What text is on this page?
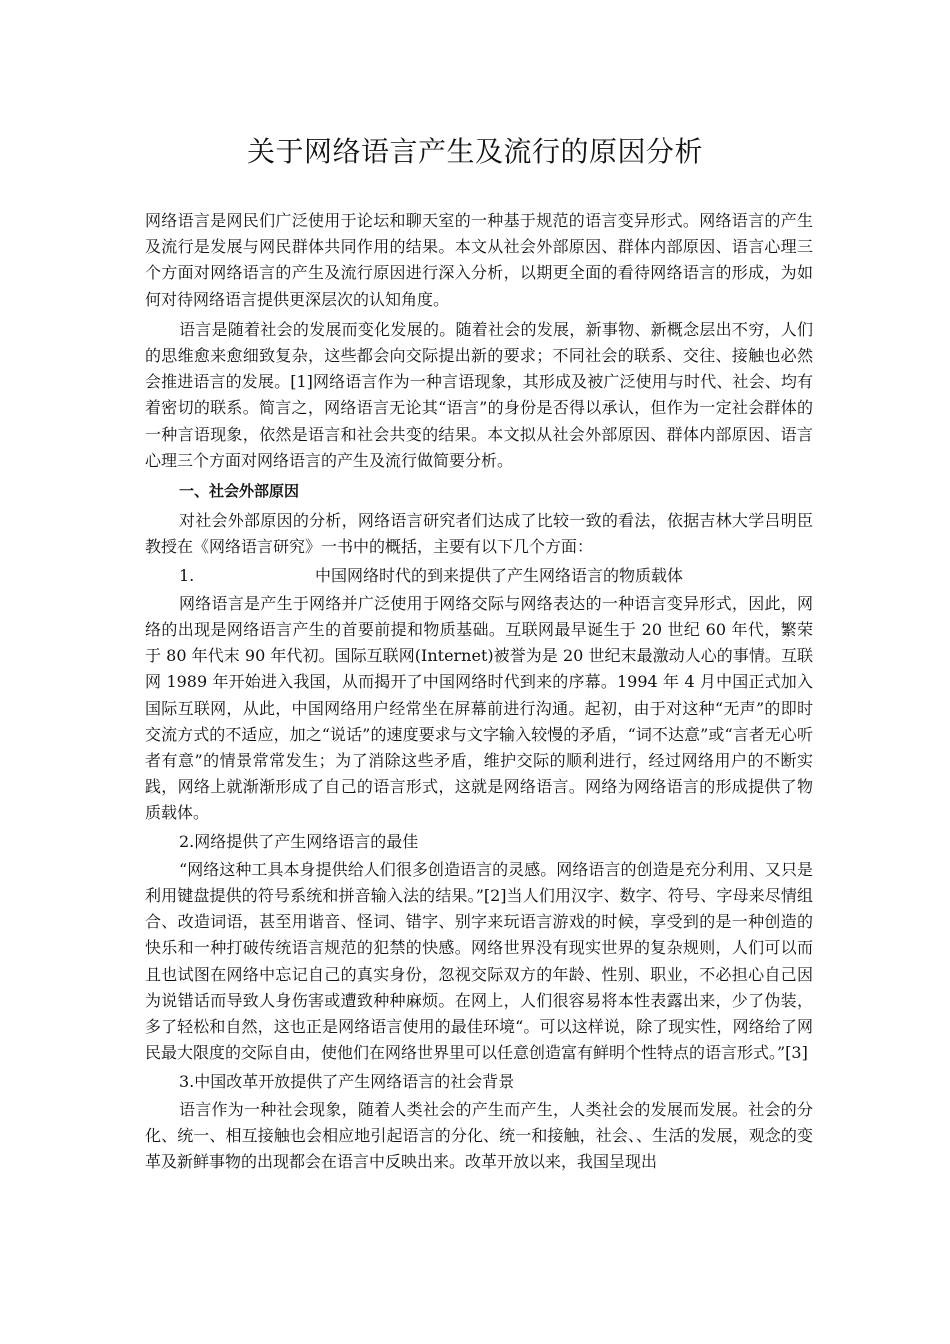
关于网络语言产生及流行的原因分析

网络语言是网民们广泛使用于论坛和聊天室的一种基于规范的语言变异形式。网络语言的产生及流行是发展与网民群体共同作用的结果。本文从社会外部原因、群体内部原因、语言心理三个方面对网络语言的产生及流行原因进行深入分析，以期更全面的看待网络语言的形成，为如何对待网络语言提供更深层次的认知角度。

语言是随着社会的发展而变化发展的。随着社会的发展，新事物、新概念层出不穷，人们的思维愈来愈细致复杂，这些都会向交际提出新的要求；不同社会的联系、交往、接触也必然会推进语言的发展。[1]网络语言作为一种言语现象，其形成及被广泛使用与时代、社会、均有着密切的联系。简言之，网络语言无论其“语言”的身份是否得以承认，但作为一定社会群体的一种言语现象，依然是语言和社会共变的结果。本文拟从社会外部原因、群体内部原因、语言心理三个方面对网络语言的产生及流行做简要分析。

一、社会外部原因

对社会外部原因的分析，网络语言研究者们达成了比较一致的看法，依据吉林大学吕明臣教授在《网络语言研究》一书中的概括，主要有以下几个方面：

1.	中国网络时代的到来提供了产生网络语言的物质载体

网络语言是产生于网络并广泛使用于网络交际与网络表达的一种语言变异形式，因此，网络的出现是网络语言产生的首要前提和物质基础。互联网最早诞生于 20 世纪 60 年代，繁荣于 80 年代末 90 年代初。国际互联网(Internet)被誉为是 20 世纪末最激动人心的事情。互联网 1989 年开始进入我国，从而揭开了中国网络时代到来的序幕。1994 年 4 月中国正式加入国际互联网，从此，中国网络用户经常坐在屏幕前进行沟通。起初，由于对这种“无声”的即时交流方式的不适应，加之“说话”的速度要求与文字输入较慢的矛盾，“词不达意”或“言者无心听者有意”的情景常常发生；为了消除这些矛盾，维护交际的顺利进行，经过网络用户的不断实践，网络上就渐渐形成了自己的语言形式，这就是网络语言。网络为网络语言的形成提供了物质载体。

2.网络提供了产生网络语言的最佳

“网络这种工具本身提供给人们很多创造语言的灵感。网络语言的创造是充分利用、又只是利用键盘提供的符号系统和拼音输入法的结果。”[2]当人们用汉字、数字、符号、字母来尽情组合、改造词语，甚至用谐音、怪词、错字、别字来玩语言游戏的时候，享受到的是一种创造的快乐和一种打破传统语言规范的犯禁的快感。网络世界没有现实世界的复杂规则，人们可以而且也试图在网络中忘记自己的真实身份，忽视交际双方的年龄、性别、职业，不必担心自己因为说错话而导致人身伤害或遭致种种麻烦。在网上，人们很容易将本性表露出来，少了伪装，多了轻松和自然，这也正是网络语言使用的最佳环境“。可以这样说，除了现实性，网络给了网民最大限度的交际自由，使他们在网络世界里可以任意创造富有鲜明个性特点的语言形式。”[3]

3.中国改革开放提供了产生网络语言的社会背景

语言作为一种社会现象，随着人类社会的产生而产生，人类社会的发展而发展。社会的分化、统一、相互接触也会相应地引起语言的分化、统一和接触，社会、、生活的发展，观念的变革及新鲜事物的出现都会在语言中反映出来。改革开放以来，我国呈现出
